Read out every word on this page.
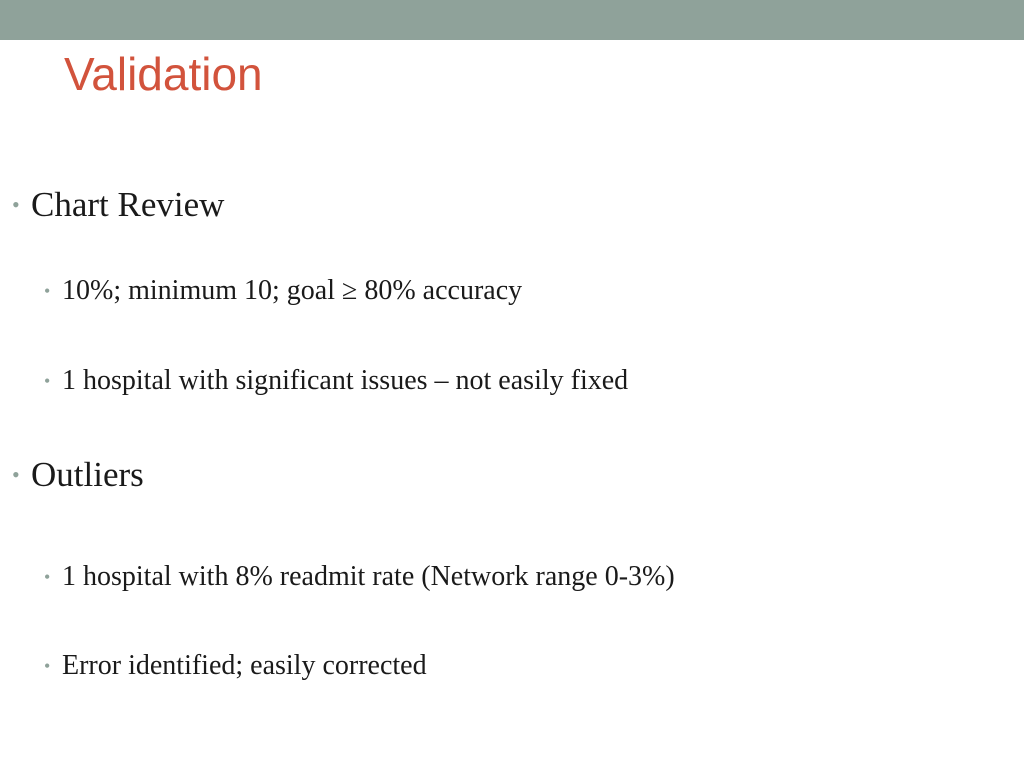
Validation
• Chart Review
• 10%; minimum 10; goal ≥ 80% accuracy
• 1 hospital with significant issues – not easily fixed
• Outliers
• 1 hospital with 8% readmit rate (Network range 0-3%)
• Error identified; easily corrected
